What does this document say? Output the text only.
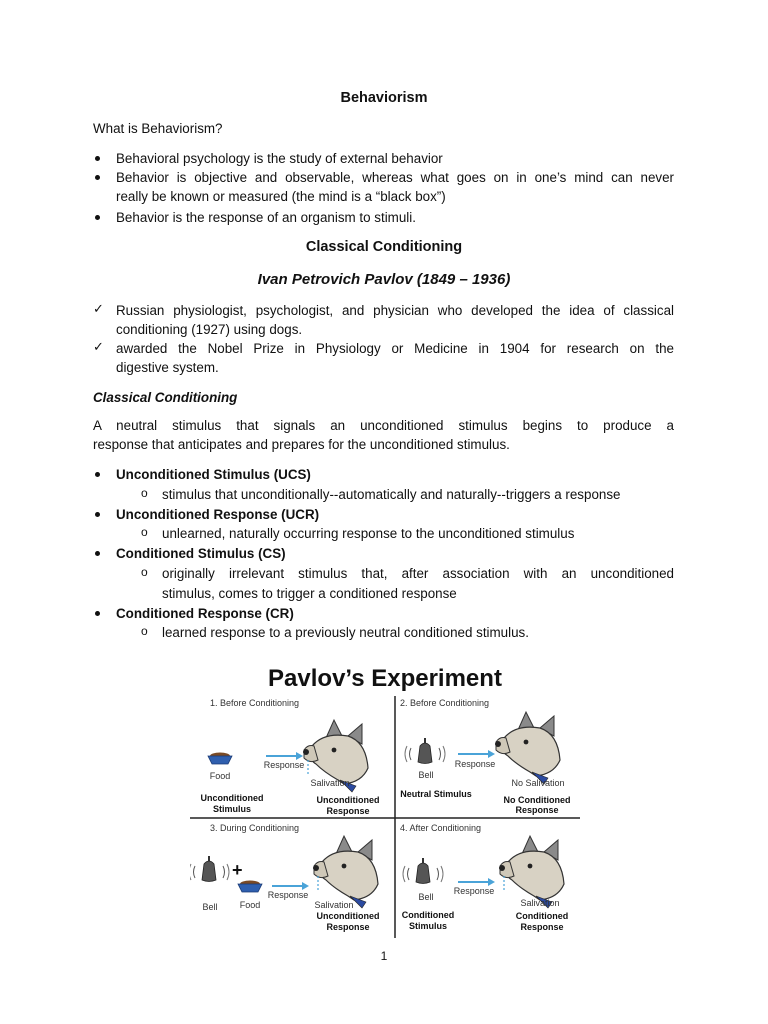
Behaviorism
What is Behaviorism?
Behavioral psychology is the study of external behavior
Behavior is objective and observable, whereas what goes on in one’s mind can never
really be known or measured (the mind is a “black box”)
Behavior is the response of an organism to stimuli.
Classical Conditioning
Ivan Petrovich Pavlov (1849 – 1936)
✓ Russian physiologist, psychologist, and physician who developed the idea of classical
conditioning (1927) using dogs.
✓ awarded the Nobel Prize in Physiology or Medicine in 1904 for research on the
digestive system.
Classical Conditioning
A neutral stimulus that signals an unconditioned stimulus begins to produce a
response that anticipates and prepares for the unconditioned stimulus.
Unconditioned Stimulus (UCS)
o stimulus that unconditionally--automatically and naturally--triggers a response
Unconditioned Response (UCR)
o unlearned, naturally occurring response to the unconditioned stimulus
Conditioned Stimulus (CS)
o originally irrelevant stimulus that, after association with an unconditioned
stimulus, comes to trigger a conditioned response
Conditioned Response (CR)
o learned response to a previously neutral conditioned stimulus.
Pavlov’s Experiment
1. Before Conditioning
Food
Response
Salivation
Unconditioned
Stimulus
Unconditioned
Response
2. Before Conditioning
Bell
Response
No Salivation
Neutral Stimulus
No Conditioned
Response
3. During Conditioning
+
Bell Food
Response
Salivation
Unconditioned
Response
4. After Conditioning
Bell
Response
Salivation
Conditioned
Stimulus
Conditioned
Response
1
